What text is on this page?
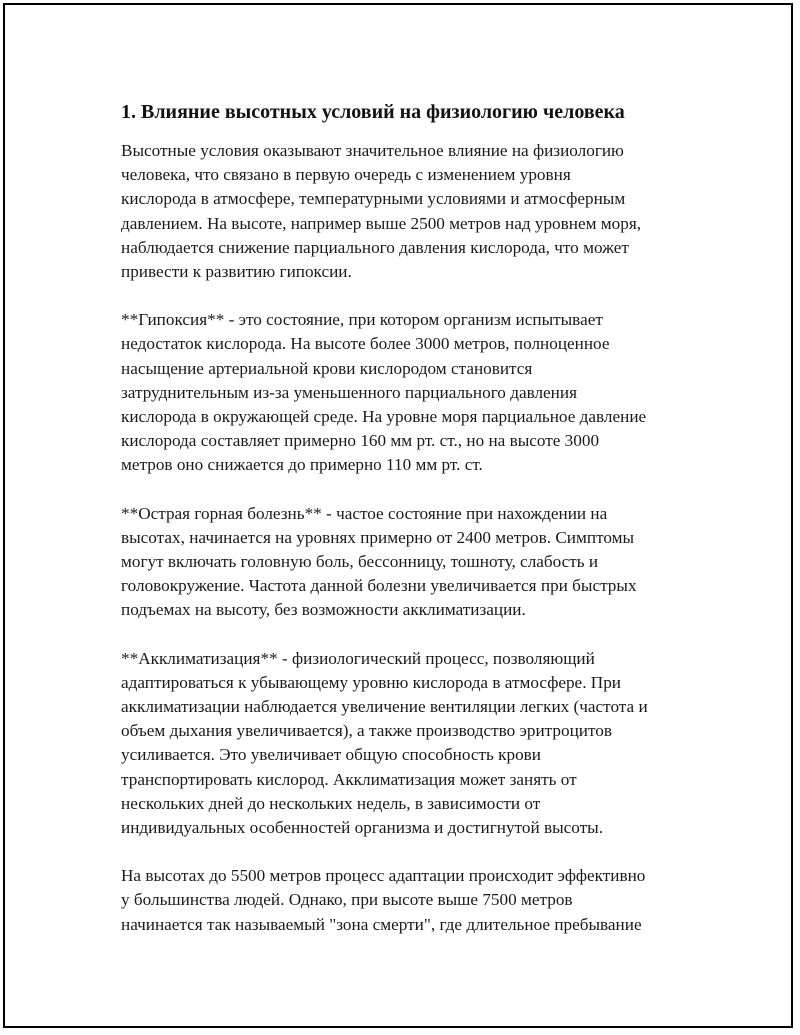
1. Влияние высотных условий на физиологию человека

Высотные условия оказывают значительное влияние на физиологию
человека, что связано в первую очередь с изменением уровня
кислорода в атмосфере, температурными условиями и атмосферным
давлением. На высоте, например выше 2500 метров над уровнем моря,
наблюдается снижение парциального давления кислорода, что может
привести к развитию гипоксии.

**Гипоксия** - это состояние, при котором организм испытывает
недостаток кислорода. На высоте более 3000 метров, полноценное
насыщение артериальной крови кислородом становится
затруднительным из-за уменьшенного парциального давления
кислорода в окружающей среде. На уровне моря парциальное давление
кислорода составляет примерно 160 мм рт. ст., но на высоте 3000
метров оно снижается до примерно 110 мм рт. ст.

**Острая горная болезнь** - частое состояние при нахождении на
высотах, начинается на уровнях примерно от 2400 метров. Симптомы
могут включать головную боль, бессонницу, тошноту, слабость и
головокружение. Частота данной болезни увеличивается при быстрых
подъемах на высоту, без возможности акклиматизации.

**Акклиматизация** - физиологический процесс, позволяющий
адаптироваться к убывающему уровню кислорода в атмосфере. При
акклиматизации наблюдается увеличение вентиляции легких (частота и
объем дыхания увеличивается), а также производство эритроцитов
усиливается. Это увеличивает общую способность крови
транспортировать кислород. Акклиматизация может занять от
нескольких дней до нескольких недель, в зависимости от
индивидуальных особенностей организма и достигнутой высоты.

На высотах до 5500 метров процесс адаптации происходит эффективно
у большинства людей. Однако, при высоте выше 7500 метров
начинается так называемый "зона смерти", где длительное пребывание
